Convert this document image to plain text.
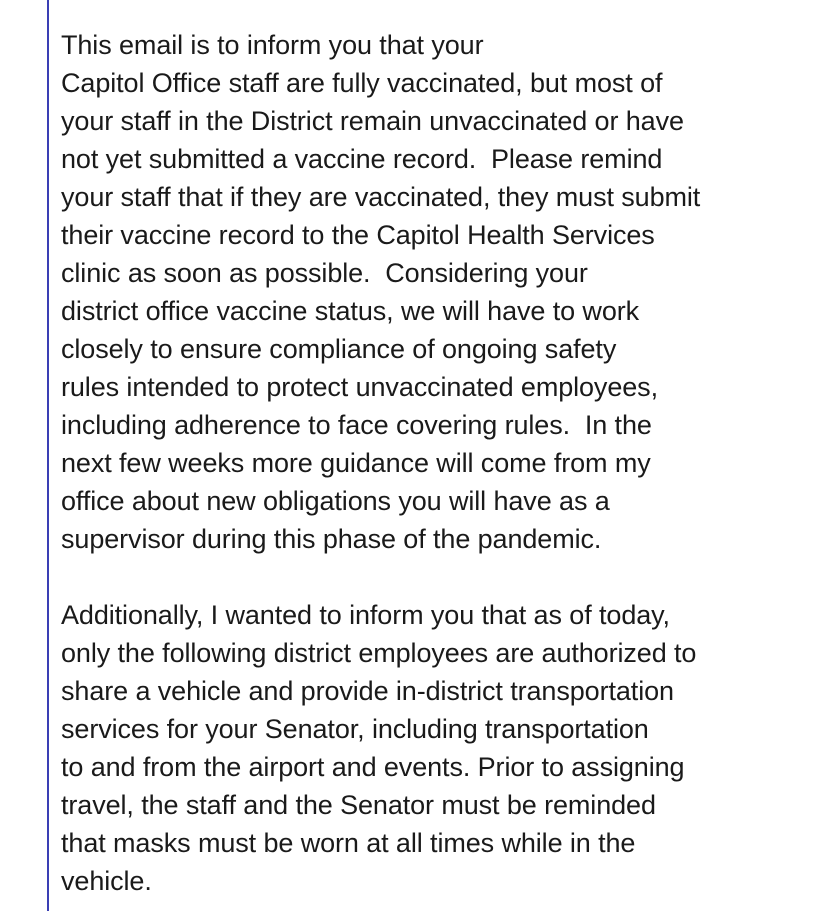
This email is to inform you that your
Capitol Office staff are fully vaccinated, but most of
your staff in the District remain unvaccinated or have
not yet submitted a vaccine record.  Please remind
your staff that if they are vaccinated, they must submit
their vaccine record to the Capitol Health Services
clinic as soon as possible.  Considering your
district office vaccine status, we will have to work
closely to ensure compliance of ongoing safety
rules intended to protect unvaccinated employees,
including adherence to face covering rules.  In the
next few weeks more guidance will come from my
office about new obligations you will have as a
supervisor during this phase of the pandemic.

Additionally, I wanted to inform you that as of today,
only the following district employees are authorized to
share a vehicle and provide in-district transportation
services for your Senator, including transportation
to and from the airport and events. Prior to assigning
travel, the staff and the Senator must be reminded
that masks must be worn at all times while in the
vehicle.
